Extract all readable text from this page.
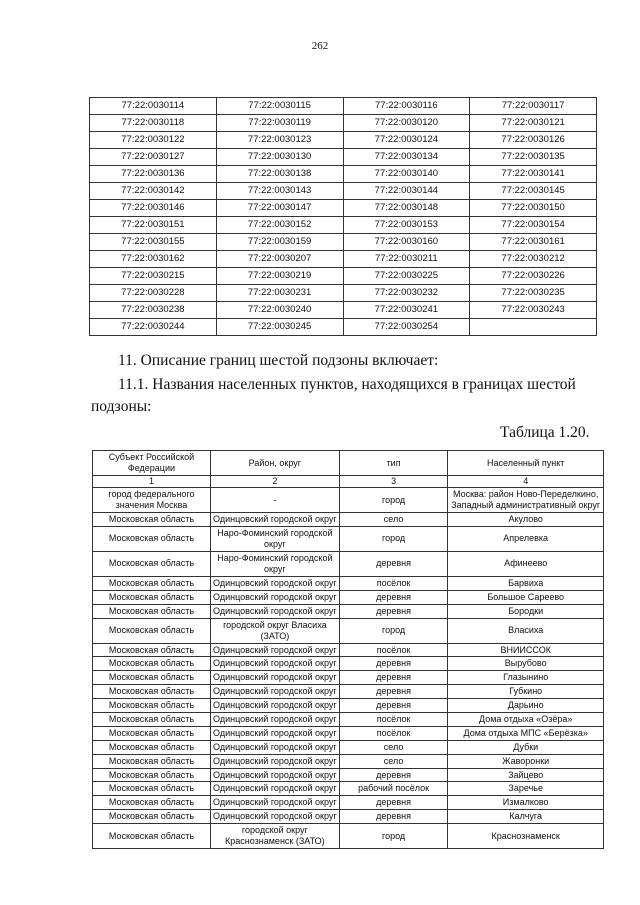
262
77:22:0030114	77:22:0030115	77:22:0030116	77:22:0030117
77:22:0030118	77:22:0030119	77:22:0030120	77:22:0030121
77:22:0030122	77:22:0030123	77:22:0030124	77:22:0030126
77:22:0030127	77:22:0030130	77:22:0030134	77:22:0030135
77:22:0030136	77:22:0030138	77:22:0030140	77:22:0030141
77:22:0030142	77:22:0030143	77:22:0030144	77:22:0030145
77:22:0030146	77:22:0030147	77:22:0030148	77:22:0030150
77:22:0030151	77:22:0030152	77:22:0030153	77:22:0030154
77:22:0030155	77:22:0030159	77:22:0030160	77:22:0030161
77:22:0030162	77:22:0030207	77:22:0030211	77:22:0030212
77:22:0030215	77:22:0030219	77:22:0030225	77:22:0030226
77:22:0030228	77:22:0030231	77:22:0030232	77:22:0030235
77:22:0030238	77:22:0030240	77:22:0030241	77:22:0030243
77:22:0030244	77:22:0030245	77:22:0030254	
11. Описание границ шестой подзоны включает:
11.1. Названия населенных пунктов, находящихся в границах шестой
подзоны:
Таблица 1.20.
Субъект Российской Федерации	Район, округ	тип	Населенный пункт
1	2	3	4
город федерального значения Москва	-	город	Москва: район Ново-Переделкино, Западный административный округ
Московская область	Одинцовский городской округ	село	Акулово
Московская область	Наро-Фоминский городской округ	город	Апрелевка
Московская область	Наро-Фоминский городской округ	деревня	Афинеево
Московская область	Одинцовский городской округ	посёлок	Барвиха
Московская область	Одинцовский городской округ	деревня	Большое Сареево
Московская область	Одинцовский городской округ	деревня	Бородки
Московская область	городской округ Власиха (ЗАТО)	город	Власиха
Московская область	Одинцовский городской округ	посёлок	ВНИИССОК
Московская область	Одинцовский городской округ	деревня	Вырубово
Московская область	Одинцовский городской округ	деревня	Глазынино
Московская область	Одинцовский городской округ	деревня	Губкино
Московская область	Одинцовский городской округ	деревня	Дарьино
Московская область	Одинцовский городской округ	посёлок	Дома отдыха «Озёра»
Московская область	Одинцовский городской округ	посёлок	Дома отдыха МПС «Берёзка»
Московская область	Одинцовский городской округ	село	Дубки
Московская область	Одинцовский городской округ	село	Жаворонки
Московская область	Одинцовский городской округ	деревня	Зайцево
Московская область	Одинцовский городской округ	рабочий посёлок	Заречье
Московская область	Одинцовский городской округ	деревня	Измалково
Московская область	Одинцовский городской округ	деревня	Калчуга
Московская область	городской округ Краснознаменск (ЗАТО)	город	Краснознаменск
